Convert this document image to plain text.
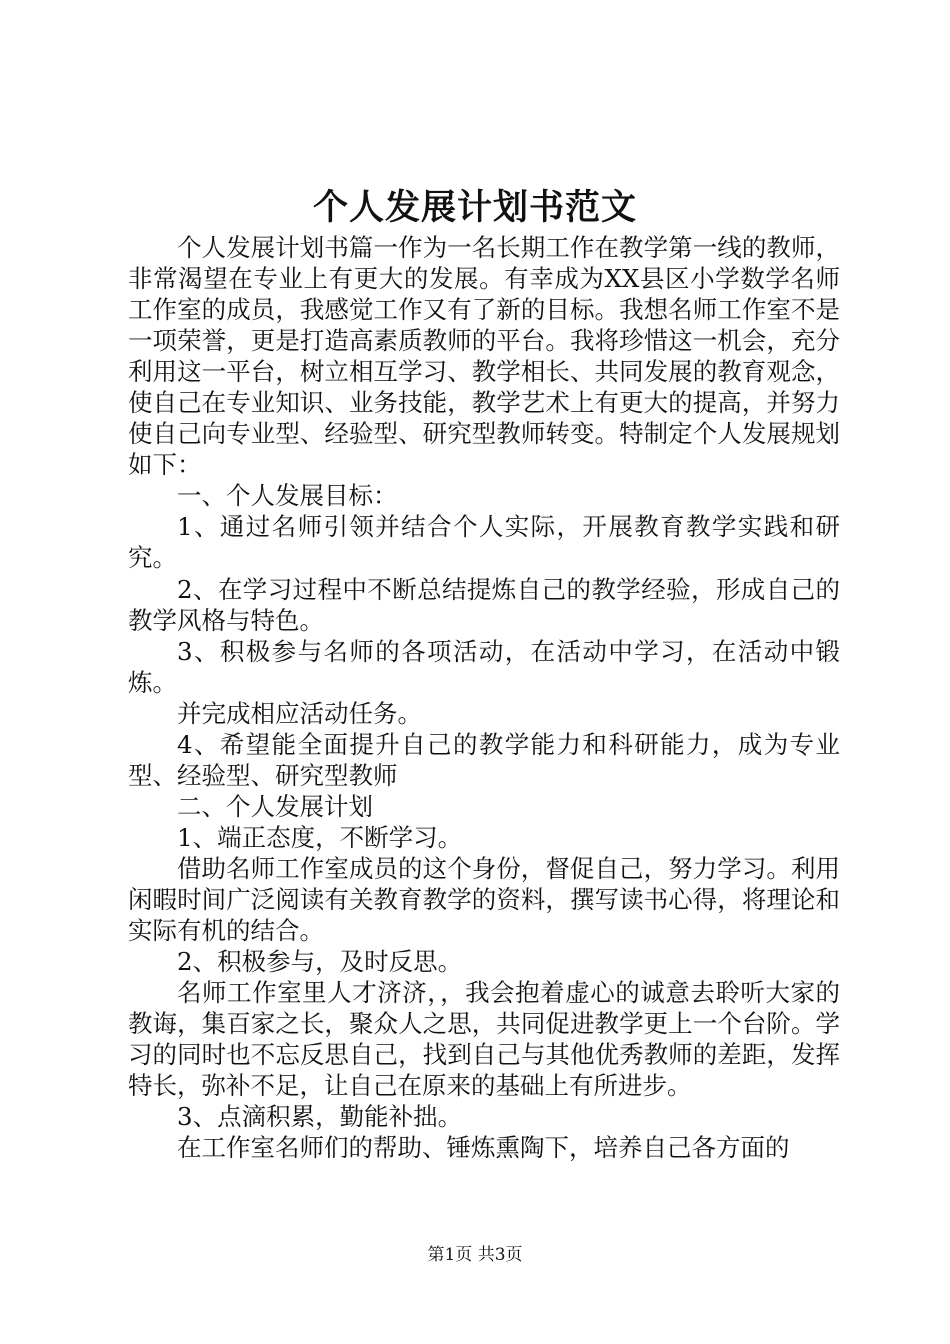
个人发展计划书范文

个人发展计划书篇一作为一名长期工作在教学第一线的教师，非常渴望在专业上有更大的发展。有幸成为XX县区小学数学名师工作室的成员，我感觉工作又有了新的目标。我想名师工作室不是一项荣誉，更是打造高素质教师的平台。我将珍惜这一机会，充分利用这一平台，树立相互学习、教学相长、共同发展的教育观念，使自己在专业知识、业务技能，教学艺术上有更大的提高，并努力使自己向专业型、经验型、研究型教师转变。特制定个人发展规划如下：

一、个人发展目标：

1、通过名师引领并结合个人实际，开展教育教学实践和研究。

2、在学习过程中不断总结提炼自己的教学经验，形成自己的教学风格与特色。

3、积极参与名师的各项活动，在活动中学习，在活动中锻炼。

并完成相应活动任务。

4、希望能全面提升自己的教学能力和科研能力，成为专业型、经验型、研究型教师

二、个人发展计划

1、端正态度，不断学习。

借助名师工作室成员的这个身份，督促自己，努力学习。利用闲暇时间广泛阅读有关教育教学的资料，撰写读书心得，将理论和实际有机的结合。

2、积极参与，及时反思。

名师工作室里人才济济，，我会抱着虚心的诚意去聆听大家的教诲，集百家之长，聚众人之思，共同促进教学更上一个台阶。学习的同时也不忘反思自己，找到自己与其他优秀教师的差距，发挥特长，弥补不足，让自己在原来的基础上有所进步。

3、点滴积累，勤能补拙。

在工作室名师们的帮助、锤炼熏陶下，培养自己各方面的

第1页 共3页
